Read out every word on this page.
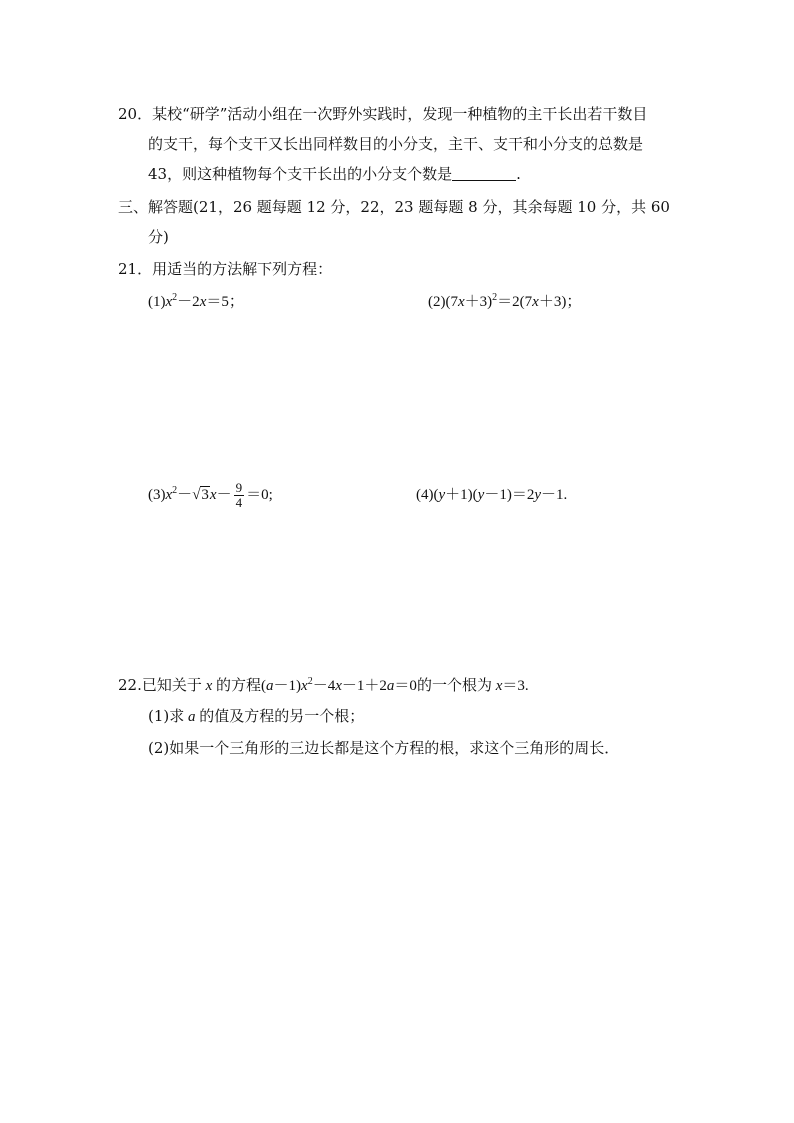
20．某校“研学”活动小组在一次野外实践时，发现一种植物的主干长出若干数目
的支干，每个支干又长出同样数目的小分支，主干、支干和小分支的总数是
43，则这种植物每个支干长出的小分支个数是	.
三、解答题(21，26 题每题 12 分，22，23 题每题 8 分，其余每题 10 分，共 60
分)
21．用适当的方法解下列方程：
$(1)x^2-2x=5$；	$(2)(7x+3)^2=2(7x+3)$；
$(3)x^2-√3x- \frac{9}{4} =0$;	(4)(y＋1)(y－1)＝2y－1.
22.已知关于 x 的方程$(a-1)x^2-4x-1+2a=0$的一个根为 x＝3.
(1)求 a 的值及方程的另一个根；
(2)如果一个三角形的三边长都是这个方程的根，求这个三角形的周长．
